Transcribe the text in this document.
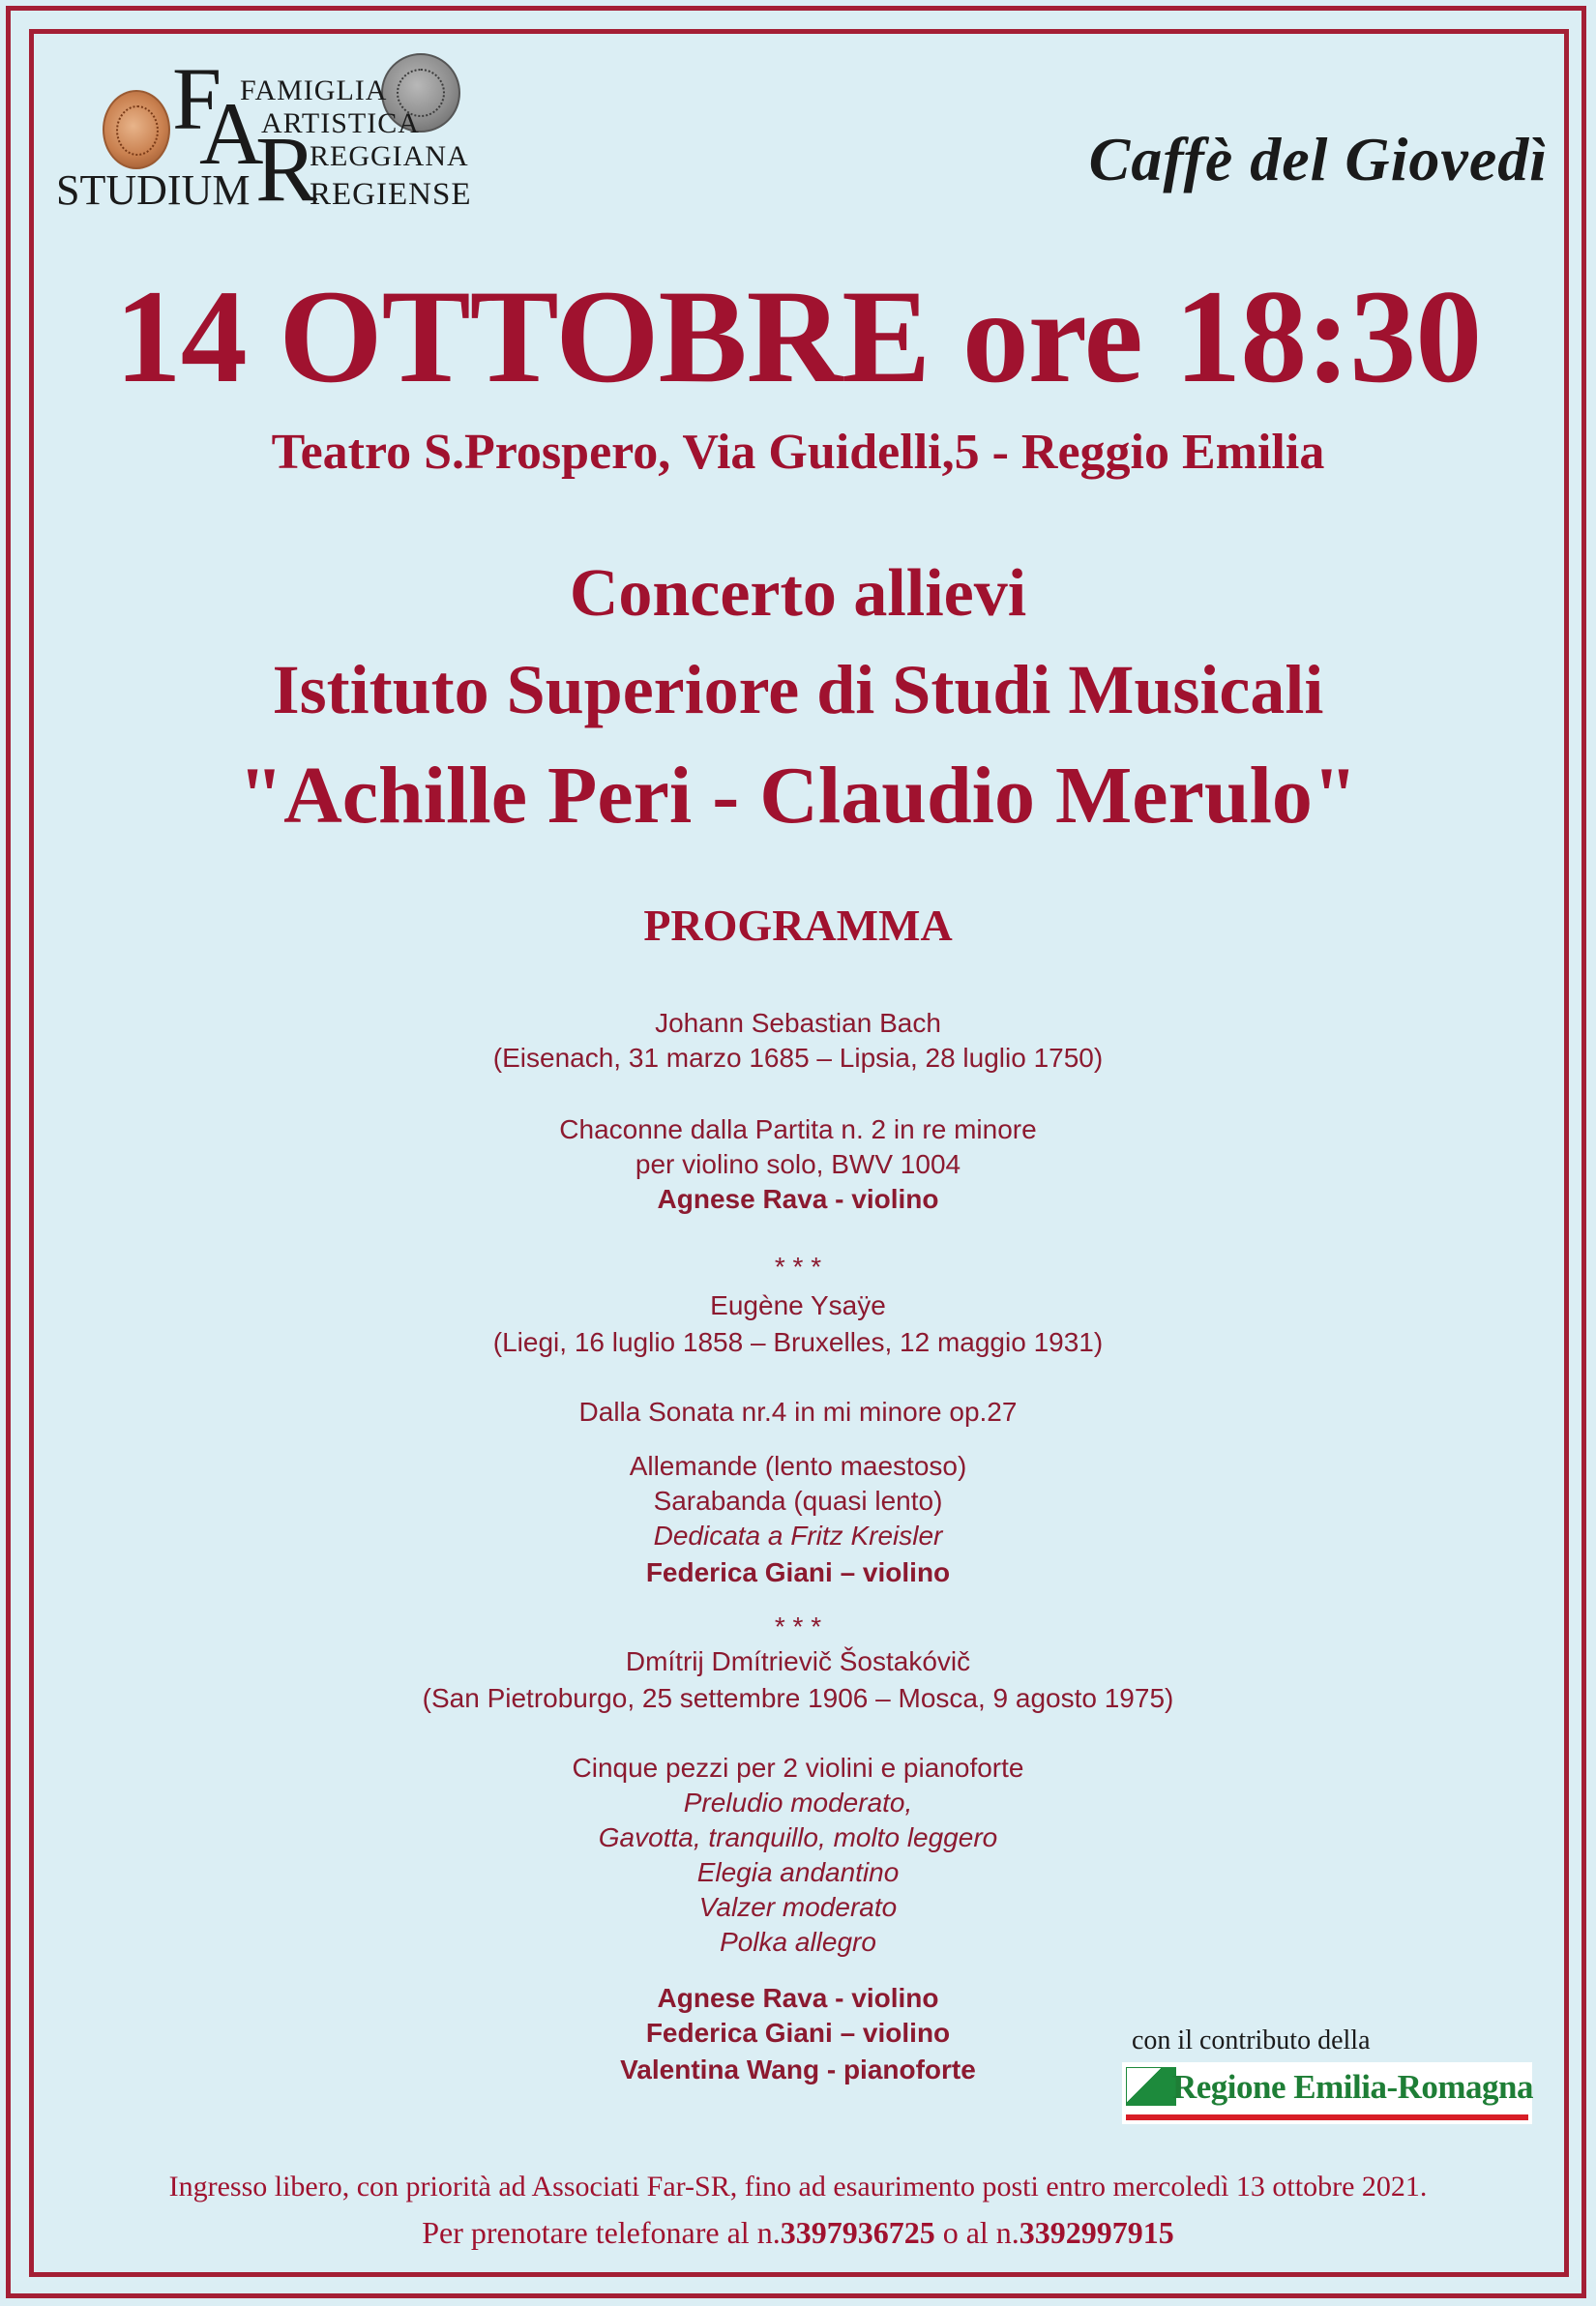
F FAMIGLIA
A
ARTISTICA
REGGIANA
STUDIUM R
REGIENSE
Caffè del Giovedì
14 OTTOBRE ore 18:30
Teatro S.Prospero, Via Guidelli,5 - Reggio Emilia
Concerto allievi
Istituto Superiore di Studi Musicali
"Achille Peri - Claudio Merulo"
PROGRAMMA
Johann Sebastian Bach
(Eisenach, 31 marzo 1685 – Lipsia, 28 luglio 1750)
Chaconne dalla Partita n. 2 in re minore
per violino solo, BWV 1004
Agnese Rava - violino
* * *
Eugène Ysaÿe
(Liegi, 16 luglio 1858 – Bruxelles, 12 maggio 1931)
Dalla Sonata nr.4 in mi minore op.27
Allemande (lento maestoso)
Sarabanda (quasi lento)
Dedicata a Fritz Kreisler
Federica Giani – violino
* * *
Dmítrij Dmítrievič Šostakóvič
(San Pietroburgo, 25 settembre 1906 – Mosca, 9 agosto 1975)
Cinque pezzi per 2 violini e pianoforte
Preludio moderato,
Gavotta, tranquillo, molto leggero
Elegia andantino
Valzer moderato
Polka allegro
Agnese Rava - violino
Federica Giani – violino
Valentina Wang - pianoforte
con il contributo della
Regione Emilia-Romagna
Ingresso libero, con priorità ad Associati Far-SR, fino ad esaurimento posti entro mercoledì 13 ottobre 2021.
Per prenotare telefonare al n.3397936725 o al n.3392997915
